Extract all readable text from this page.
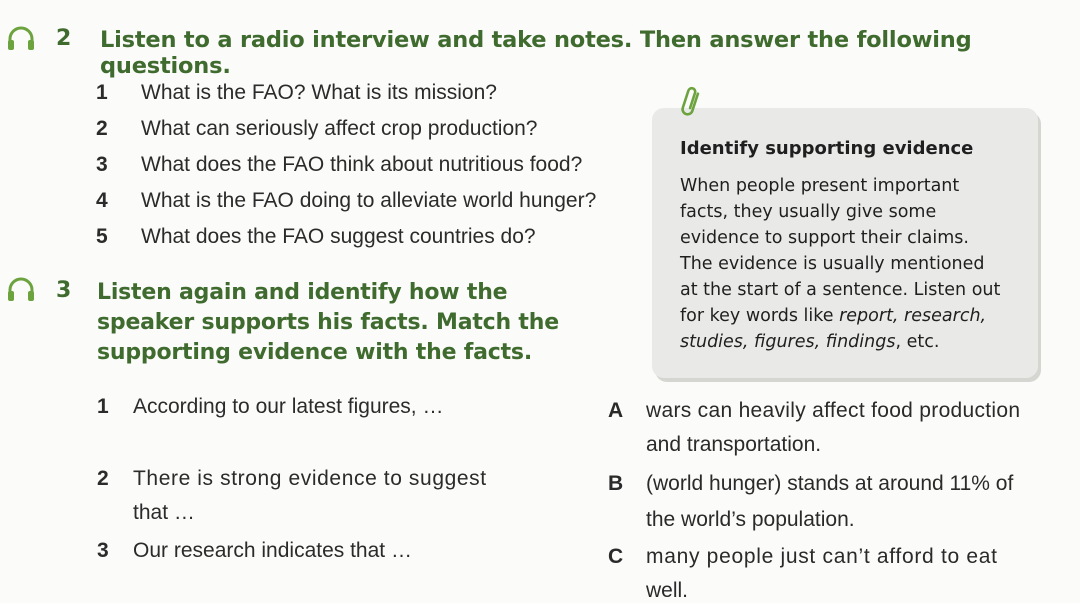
2 Listen to a radio interview and take notes. Then answer the following questions.
1 What is the FAO? What is its mission?
2 What can seriously affect crop production?
3 What does the FAO think about nutritious food?
4 What is the FAO doing to alleviate world hunger?
5 What does the FAO suggest countries do?
Identify supporting evidence
When people present important
facts, they usually give some
evidence to support their claims.
The evidence is usually mentioned
at the start of a sentence. Listen out
for key words like report, research,
studies, figures, findings, etc.
3 Listen again and identify how the
speaker supports his facts. Match the
supporting evidence with the facts.
1 According to our latest figures, …
2 There is strong evidence to suggest
that …
3 Our research indicates that …
A wars can heavily affect food production
and transportation.
B (world hunger) stands at around 11% of
the world’s population.
C many people just can’t afford to eat
well.
